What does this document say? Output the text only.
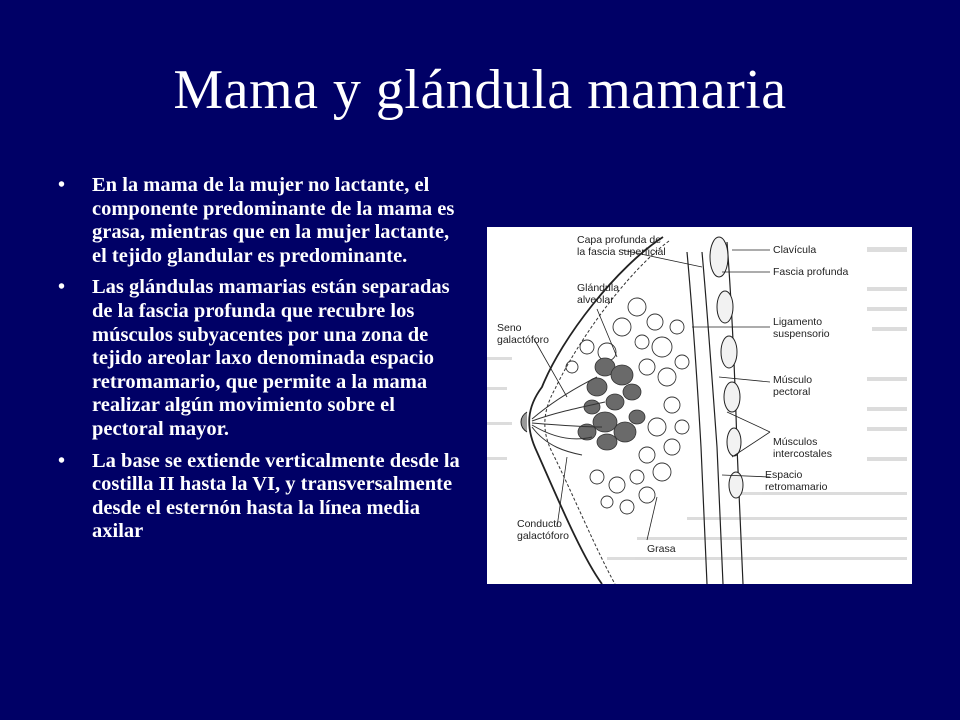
Mama y glándula mamaria
• En la mama de la mujer no lactante, el componente predominante de la mama es grasa, mientras que en la mujer lactante, el tejido glandular es predominante.
• Las glándulas mamarias están separadas de la fascia profunda que recubre los músculos subyacentes por una zona de tejido areolar laxo denominada espacio retromamario, que permite a la mama realizar algún movimiento sobre el pectoral mayor.
• La base se extiende verticalmente desde la costilla II hasta la VI, y transversalmente desde el esternón hasta la línea media axilar
Capa profunda de
la fascia superficial	Clavícula
Fascia profunda
Glándula
alveolar
Seno
galactóforo
Ligamento
suspensorio
Músculo
pectoral
Músculos
intercostales
Espacio
retromamario
Conducto
galactóforo
Grasa
